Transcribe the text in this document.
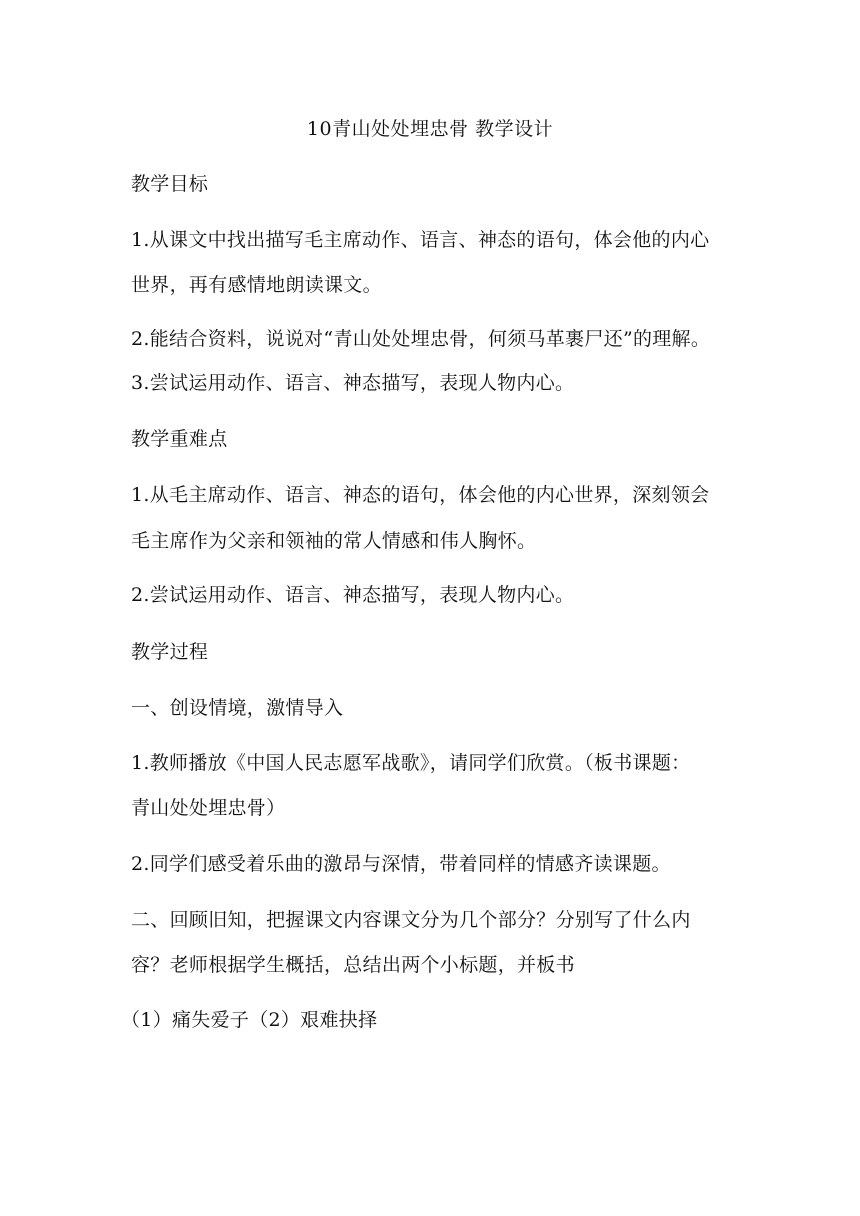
10青山处处埋忠骨 教学设计
教学目标
1.从课文中找出描写毛主席动作、语言、神态的语句，体会他的内心
世界，再有感情地朗读课文。
2.能结合资料，说说对“青山处处埋忠骨，何须马革裹尸还”的理解。
3.尝试运用动作、语言、神态描写，表现人物内心。
教学重难点
1.从毛主席动作、语言、神态的语句，体会他的内心世界，深刻领会
毛主席作为父亲和领袖的常人情感和伟人胸怀。
2.尝试运用动作、语言、神态描写，表现人物内心。
教学过程
一、创设情境，激情导入
1.教师播放《中国人民志愿军战歌》，请同学们欣赏。（板书课题：
青山处处埋忠骨）
2.同学们感受着乐曲的激昂与深情，带着同样的情感齐读课题。
二、回顾旧知，把握课文内容课文分为几个部分？分别写了什么内
容？老师根据学生概括，总结出两个小标题，并板书
（1）痛失爱子（2）艰难抉择
